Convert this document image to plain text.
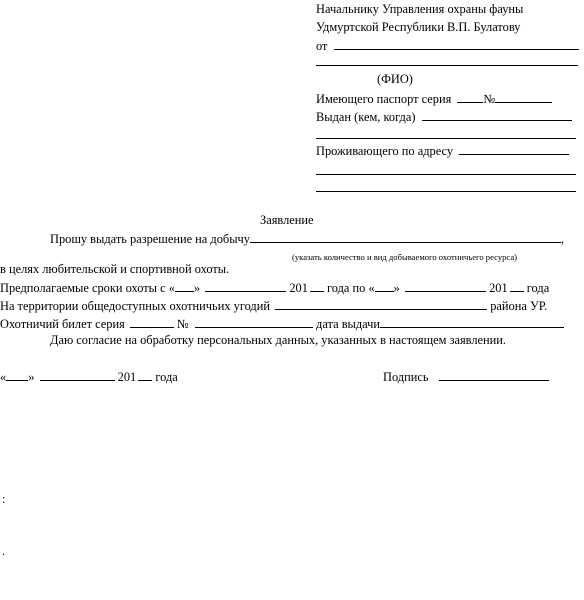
Начальнику Управления охраны фауны
Удмуртской Республики В.П. Булатову
от
(ФИО)
Имеющего паспорт серия	№
Выдан (кем, когда)
Проживающего по адресу
Заявление
Прошу выдать разрешение на добычу	,
(указать количество и вид добываемого охотничьего ресурса)
в целях любительской и спортивной охоты.
Предполагаемые сроки охоты с « »	201 года по « »	201 года
На территории общедоступных охотничьих угодий	района УР.
Охотничий билет серия	№	дата выдачи
Даю согласие на обработку персональных данных, указанных в настоящем заявлении.
« »	201 года	Подпись
:
.
